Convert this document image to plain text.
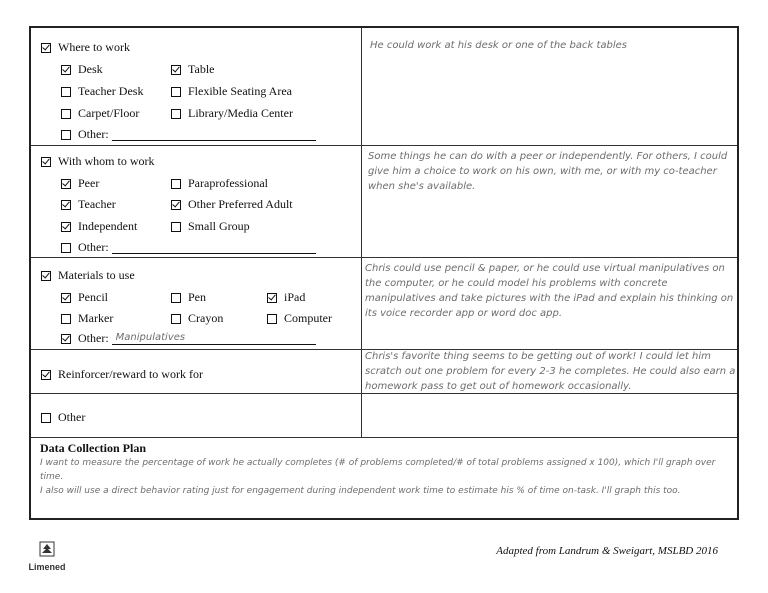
Where to work
Desk	Table
Teacher Desk	Flexible Seating Area
Carpet/Floor	Library/Media Center
Other:
He could work at his desk or one of the back tables
With whom to work
Peer	Paraprofessional
Teacher	Other Preferred Adult
Independent	Small Group
Other:
Some things he can do with a peer or independently. For others, I could give him a choice to work on his own, with me, or with my co-teacher when she's available.
Materials to use
Pencil	Pen	iPad
Marker	Crayon	Computer
Other: Manipulatives
Chris could use pencil & paper, or he could use virtual manipulatives on the computer, or he could model his problems with concrete manipulatives and take pictures with the iPad and explain his thinking on its voice recorder app or word doc app.
Reinforcer/reward to work for
Chris's favorite thing seems to be getting out of work! I could let him scratch out one problem for every 2-3 he completes. He could also earn a homework pass to get out of homework occasionally.
Other
Data Collection Plan

I want to measure the percentage of work he actually completes (# of problems completed/# of total problems assigned x 100), which I'll graph over time.

I also will use a direct behavior rating just for engagement during independent work time to estimate his % of time on-task. I'll graph this too.

Limened
Adapted from Landrum & Sweigart, MSLBD 2016
